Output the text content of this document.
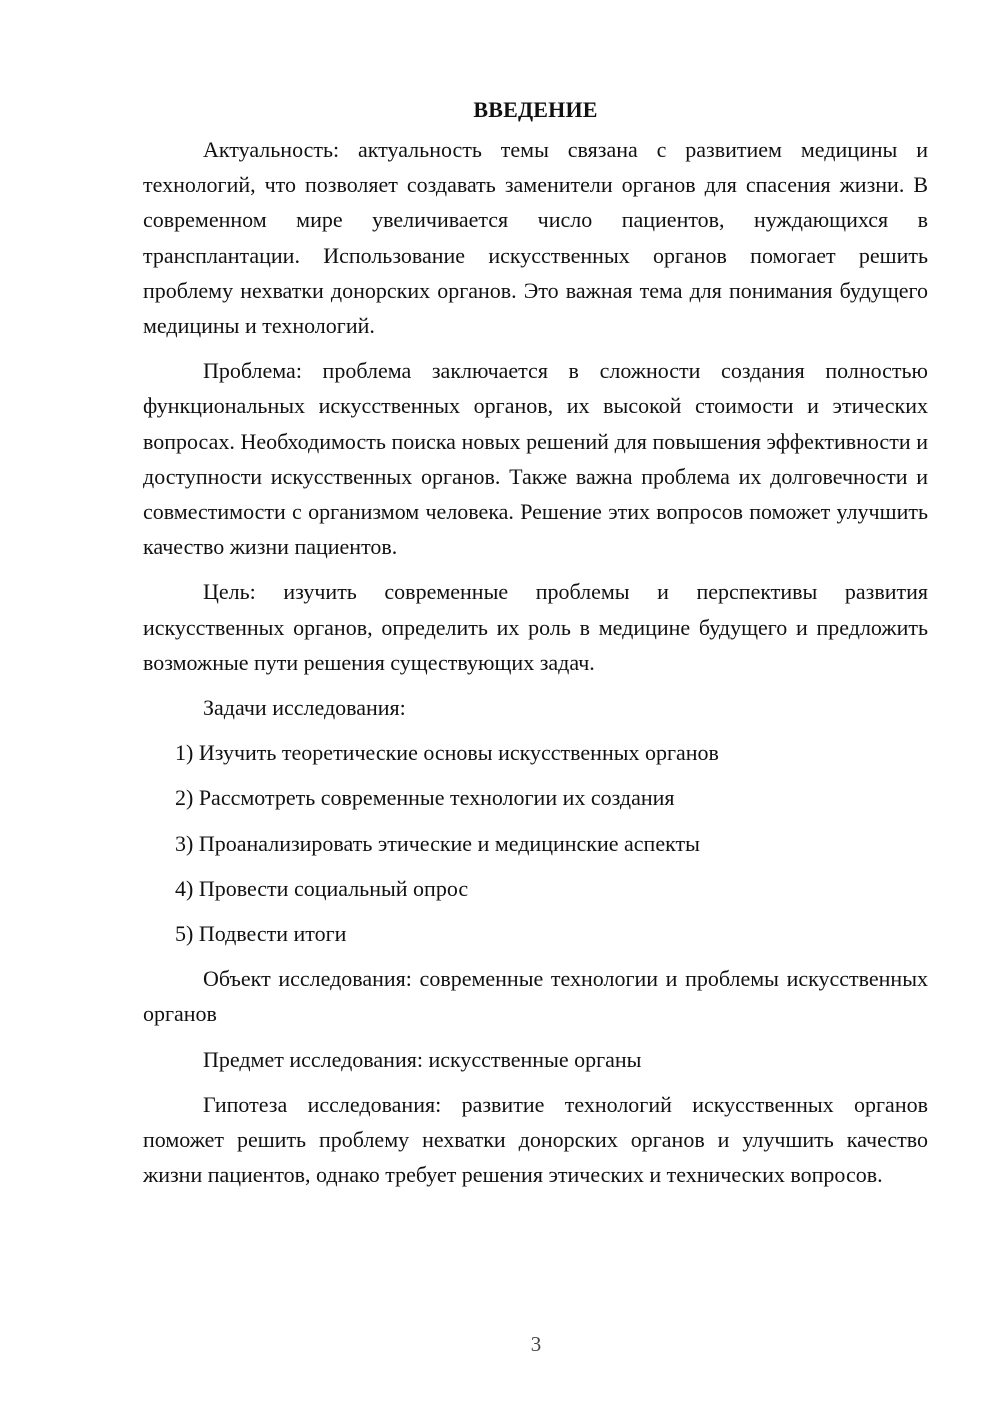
ВВЕДЕНИЕ

Актуальность: актуальность темы связана с развитием медицины и технологий, что позволяет создавать заменители органов для спасения жизни. В современном мире увеличивается число пациентов, нуждающихся в трансплантации. Использование искусственных органов помогает решить проблему нехватки донорских органов. Это важная тема для понимания будущего медицины и технологий.

Проблема: проблема заключается в сложности создания полностью функциональных искусственных органов, их высокой стоимости и этических вопросах. Необходимость поиска новых решений для повышения эффективности и доступности искусственных органов. Также важна проблема их долговечности и совместимости с организмом человека. Решение этих вопросов поможет улучшить качество жизни пациентов.

Цель: изучить современные проблемы и перспективы развития искусственных органов, определить их роль в медицине будущего и предложить возможные пути решения существующих задач.

Задачи исследования:

1) Изучить теоретические основы искусственных органов
2) Рассмотреть современные технологии их создания
3) Проанализировать этические и медицинские аспекты
4) Провести социальный опрос
5) Подвести итоги

Объект исследования: современные технологии и проблемы искусственных органов

Предмет исследования: искусственные органы

Гипотеза исследования: развитие технологий искусственных органов поможет решить проблему нехватки донорских органов и улучшить качество жизни пациентов, однако требует решения этических и технических вопросов.

3
